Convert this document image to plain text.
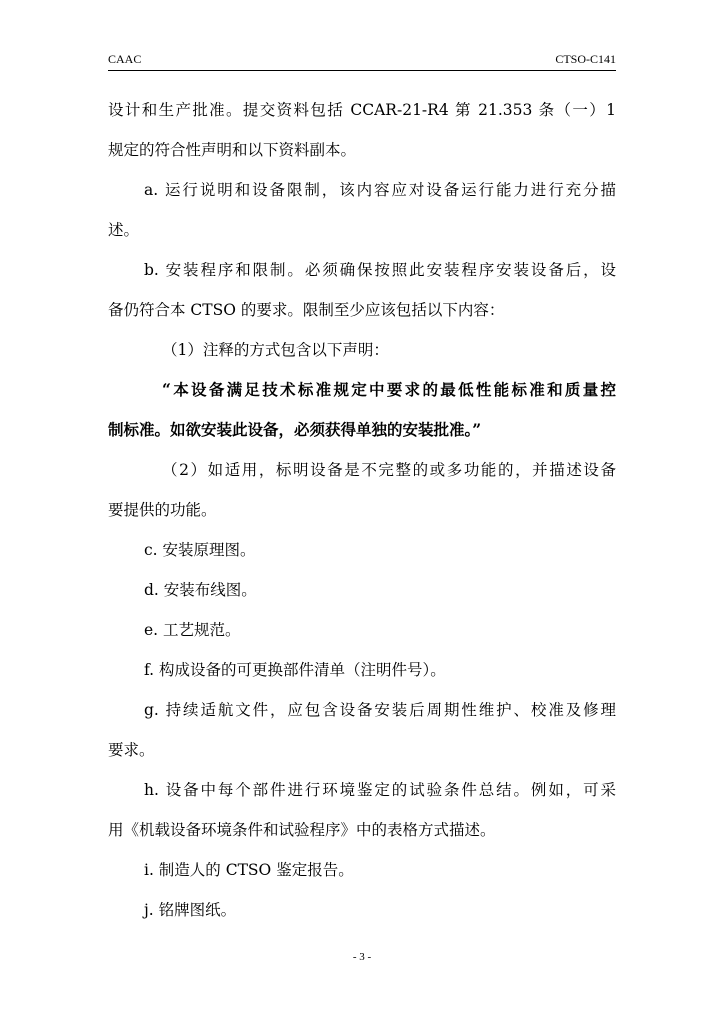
CAAC	CTSO-C141
设计和生产批准。提交资料包括 CCAR-21-R4 第 21.353 条（一）1
规定的符合性声明和以下资料副本。
a. 运行说明和设备限制，该内容应对设备运行能力进行充分描
述。
b. 安装程序和限制。必须确保按照此安装程序安装设备后，设
备仍符合本 CTSO 的要求。限制至少应该包括以下内容：
（1）注释的方式包含以下声明：
“本设备满足技术标准规定中要求的最低性能标准和质量控
制标准。如欲安装此设备，必须获得单独的安装批准。”
（2）如适用，标明设备是不完整的或多功能的，并描述设备
要提供的功能。
c. 安装原理图。
d. 安装布线图。
e. 工艺规范。
f. 构成设备的可更换部件清单（注明件号）。
g. 持续适航文件，应包含设备安装后周期性维护、校准及修理
要求。
h. 设备中每个部件进行环境鉴定的试验条件总结。例如，可采
用《机载设备环境条件和试验程序》中的表格方式描述。
i. 制造人的 CTSO 鉴定报告。
j. 铭牌图纸。
- 3 -
